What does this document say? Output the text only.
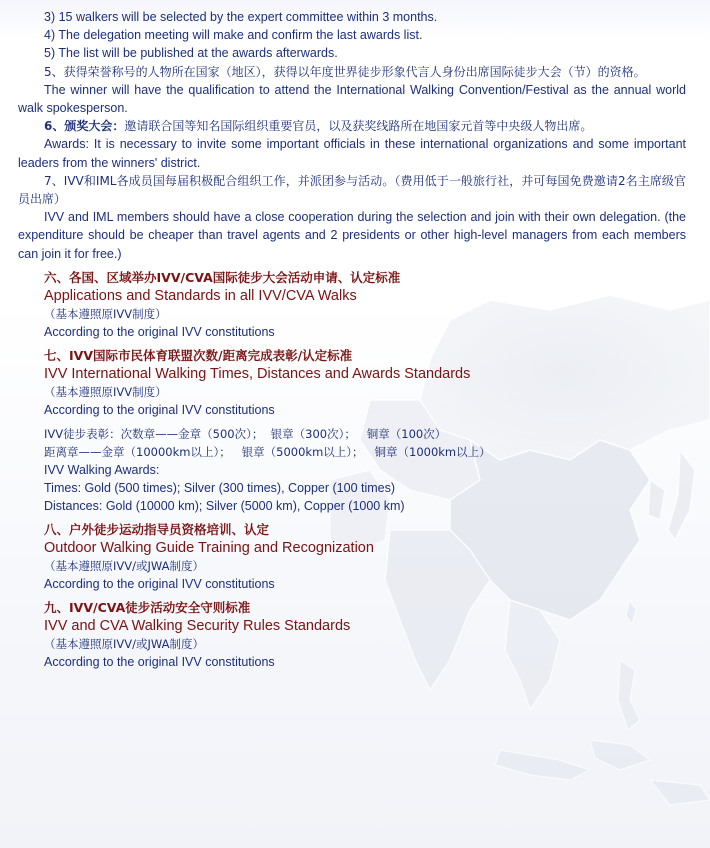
3) 15 walkers will be selected by the expert committee within 3 months.

4) The delegation meeting will make and confirm the last awards list.

5) The list will be published at the awards afterwards.

5、获得荣誉称号的人物所在国家（地区），获得以年度世界徒步形象代言人身份出席国际徒步大会（节）的资格。

The winner will have the qualification to attend the International Walking Convention/Festival as the annual world walk spokesperson.

6、颁奖大会：邀请联合国等知名国际组织重要官员，以及获奖线路所在地国家元首等中央级人物出席。

Awards: It is necessary to invite some important officials in these international organizations and some important leaders from the winners' district.

7、IVV和IML各成员国每届积极配合组织工作，并派团参与活动。（费用低于一般旅行社，并可每国免费邀请2名主席级官员出席）

IVV and IML members should have a close cooperation during the selection and join with their own delegation. (the expenditure should be cheaper than travel agents and 2 presidents or other high-level managers from each members can join it for free.)

六、各国、区域举办IVV/CVA国际徒步大会活动申请、认定标准
Applications and Standards in all IVV/CVA Walks
（基本遵照原IVV制度）
According to the original IVV constitutions
七、IVV国际市民体育联盟次数/距离完成表彰/认定标准
IVV International Walking Times, Distances and Awards Standards
（基本遵照原IVV制度）
According to the original IVV constitutions
IVV徒步表彰：次数章——金章（500次）；  银章（300次）；   铜章（100次）
距离章——金章（10000km以上）；   银章（5000km以上）；   铜章（1000km以上）
IVV Walking Awards:
Times: Gold (500 times); Silver (300 times), Copper (100 times)
Distances: Gold (10000 km); Silver (5000 km), Copper (1000 km)
八、户外徒步运动指导员资格培训、认定
Outdoor Walking Guide Training and Recognization
（基本遵照原IVV/或JWA制度）
According to the original IVV constitutions
九、IVV/CVA徒步活动安全守则标准
IVV and CVA Walking Security Rules Standards
（基本遵照原IVV/或JWA制度）
According to the original IVV constitutions
